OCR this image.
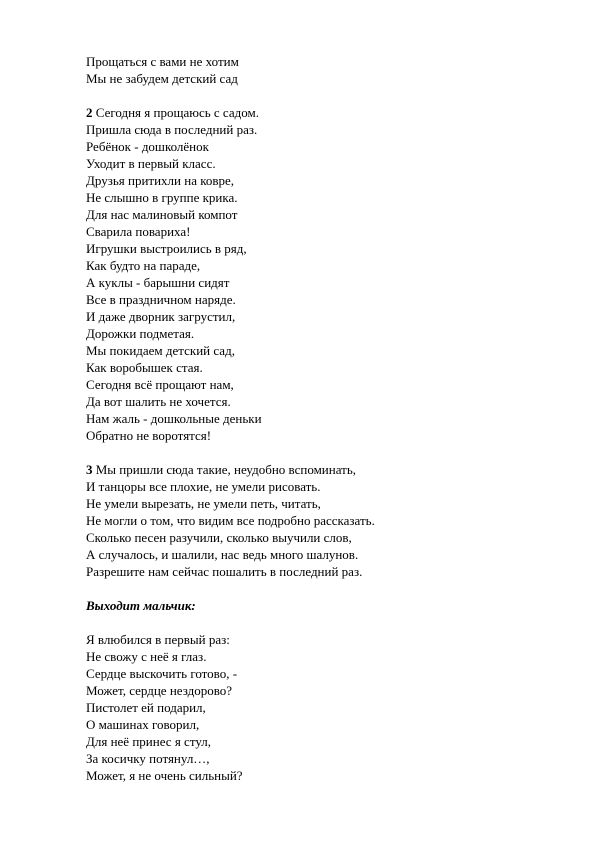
Прощаться с вами не хотим
Мы не забудем детский сад
2 Сегодня я прощаюсь с садом.
Пришла сюда в последний раз.
Ребёнок - дошколёнок
Уходит в первый класс.
Друзья притихли на ковре,
Не слышно в группе крика.
Для нас малиновый компот
Сварила повариха!
Игрушки выстроились в ряд,
Как будто на параде,
А куклы - барышни сидят
Все в праздничном наряде.
И даже дворник загрустил,
Дорожки подметая.
Мы покидаем детский сад,
Как воробышек стая.
Сегодня всё прощают нам,
Да вот шалить не хочется.
Нам жаль - дошкольные деньки
Обратно не воротятся!
3 Мы пришли сюда такие, неудобно вспоминать,
И танцоры все плохие, не умели рисовать.
Не умели вырезать, не умели петь, читать,
Не могли о том, что видим все подробно рассказать.
Сколько песен разучили, сколько выучили слов,
А случалось, и шалили, нас ведь много шалунов.
Разрешите нам сейчас пошалить в последний раз.
Выходит мальчик:
Я влюбился в первый раз:
Не свожу с неё я глаз.
Сердце выскочить готово, -
Может, сердце нездорово?
Пистолет ей подарил,
О машинах говорил,
Для неё принес я стул,
За косичку потянул…,
Может, я не очень сильный?
